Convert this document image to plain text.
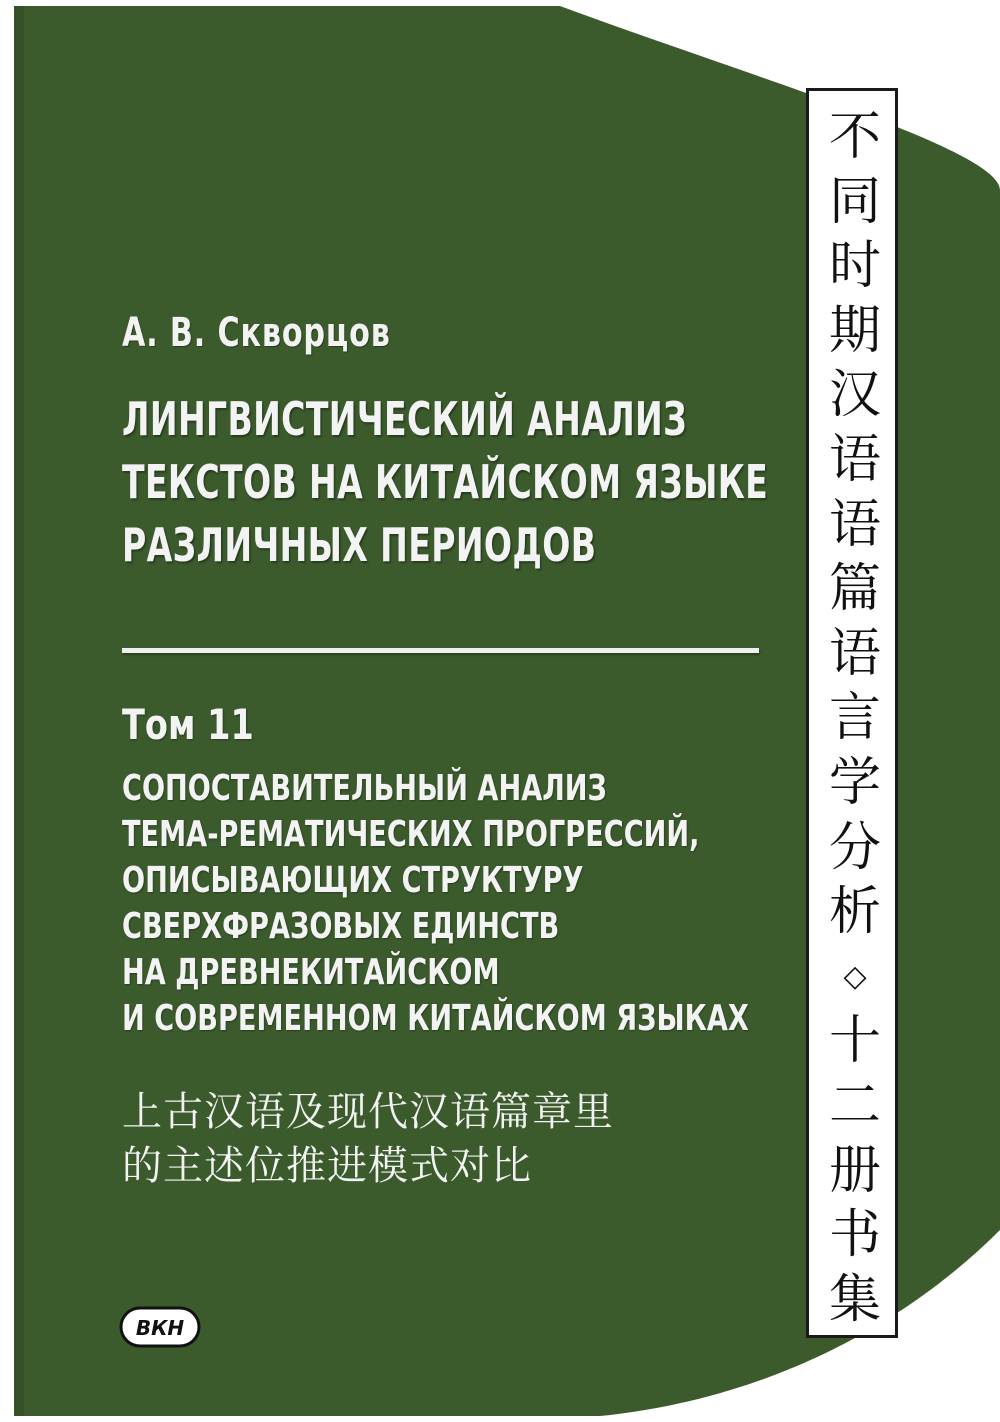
А. В. Скворцов
ЛИНГВИСТИЧЕСКИЙ АНАЛИЗ
ТЕКСТОВ НА КИТАЙСКОМ ЯЗЫКЕ
РАЗЛИЧНЫХ ПЕРИОДОВ
Том 11
СОПОСТАВИТЕЛЬНЫЙ АНАЛИЗ
ТЕМА-РЕМАТИЧЕСКИХ ПРОГРЕССИЙ,
ОПИСЫВАЮЩИХ СТРУКТУРУ
СВЕРХФРАЗОВЫХ ЕДИНСТВ
НА ДРЕВНЕКИТАЙСКОМ
И СОВРЕМЕННОМ КИТАЙСКОМ ЯЗЫКАХ
上古汉语及现代汉语篇章里
的主述位推进模式对比
不
同
时
期
汉
语
语
篇
语
言
学
分
析
◇
十
二
册
书
集
ВКН
